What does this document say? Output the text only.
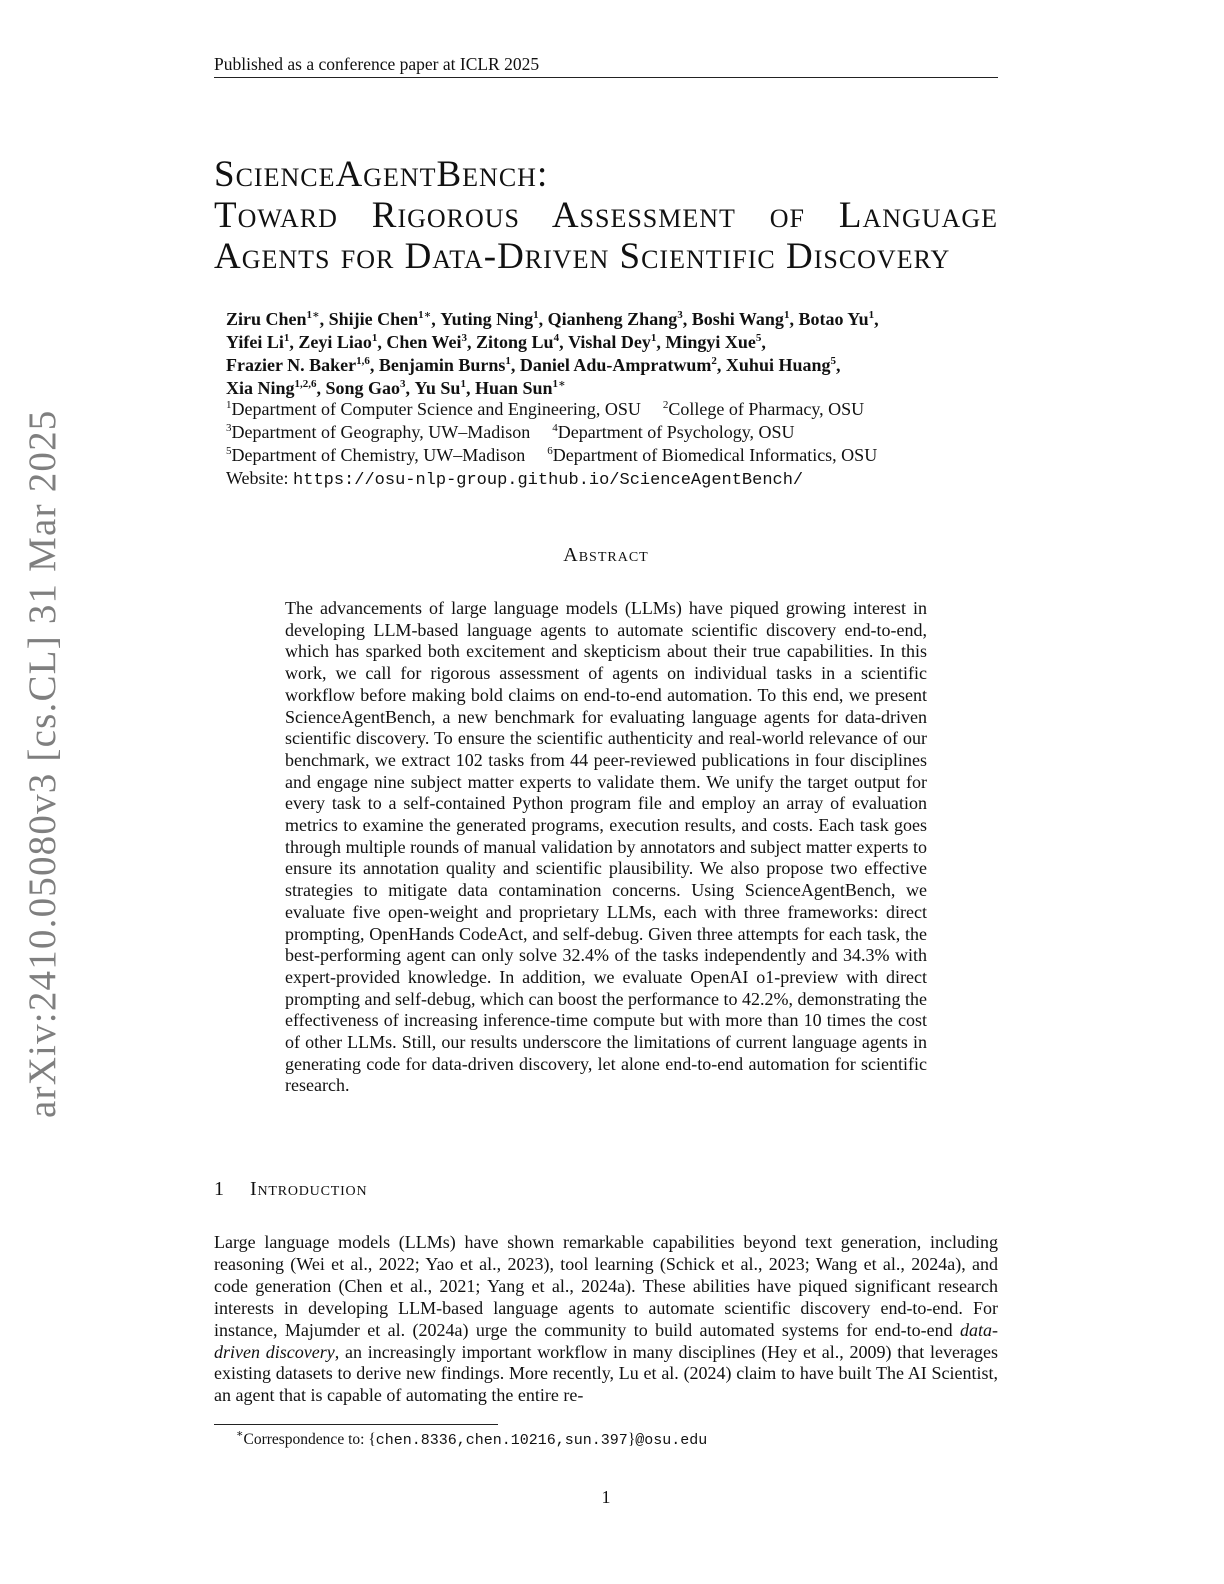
Published as a conference paper at ICLR 2025
arXiv:2410.05080v3 [cs.CL] 31 Mar 2025
ScienceAgentBench:
Toward Rigorous Assessment of Language
Agents for Data-Driven Scientific Discovery
Ziru Chen$^{1∗}$, Shijie Chen$^{1∗}$, Yuting Ning$^1$, Qianheng Zhang$^3$, Boshi Wang$^1$, Botao Yu$^1$,
Yifei Li$^1$, Zeyi Liao$^1$, Chen Wei$^3$, Zitong Lu$^4$, Vishal Dey$^1$, Mingyi Xue$^5$,
Frazier N. Baker$^{1,6}$, Benjamin Burns$^1$, Daniel Adu-Ampratwum$^2$, Xuhui Huang$^5$,
Xia Ning$^{1,2,6}$, Song Gao$^3$, Yu Su$^1$, Huan Sun$^{1∗}$
$^1$Department of Computer Science and Engineering, OSU $^2$College of Pharmacy, OSU
$^3$Department of Geography, UW–Madison $^4$Department of Psychology, OSU
$^5$Department of Chemistry, UW–Madison $^6$Department of Biomedical Informatics, OSU
Website: https://osu-nlp-group.github.io/ScienceAgentBench/
Abstract

The advancements of large language models (LLMs) have piqued growing interest in developing LLM-based language agents to automate scientific discovery end-to-end, which has sparked both excitement and skepticism about their true capabilities. In this work, we call for rigorous assessment of agents on individual tasks in a scientific workflow before making bold claims on end-to-end automation. To this end, we present ScienceAgentBench, a new benchmark for evaluating language agents for data-driven scientific discovery. To ensure the scientific authenticity and real-world relevance of our benchmark, we extract 102 tasks from 44 peer-reviewed publications in four disciplines and engage nine subject matter experts to validate them. We unify the target output for every task to a self-contained Python program file and employ an array of evaluation metrics to examine the generated programs, execution results, and costs. Each task goes through multiple rounds of manual validation by annotators and subject matter experts to ensure its annotation quality and scientific plausibility. We also propose two effective strategies to mitigate data contamination concerns. Using ScienceAgentBench, we evaluate five open-weight and proprietary LLMs, each with three frameworks: direct prompting, OpenHands CodeAct, and self-debug. Given three attempts for each task, the best-performing agent can only solve 32.4% of the tasks independently and 34.3% with expert-provided knowledge. In addition, we evaluate OpenAI o1-preview with direct prompting and self-debug, which can boost the performance to 42.2%, demonstrating the effectiveness of increasing inference-time compute but with more than 10 times the cost of other LLMs. Still, our results underscore the limitations of current language agents in generating code for data-driven discovery, let alone end-to-end automation for scientific research.

1 Introduction

Large language models (LLMs) have shown remarkable capabilities beyond text generation, including reasoning (Wei et al., 2022; Yao et al., 2023), tool learning (Schick et al., 2023; Wang et al., 2024a), and code generation (Chen et al., 2021; Yang et al., 2024a). These abilities have piqued significant research interests in developing LLM-based language agents to automate scientific discovery end-to-end. For instance, Majumder et al. (2024a) urge the community to build automated systems for end-to-end data-driven discovery, an increasingly important workflow in many disciplines (Hey et al., 2009) that leverages existing datasets to derive new findings. More recently, Lu et al. (2024) claim to have built The AI Scientist, an agent that is capable of automating the entire re-

∗Correspondence to: {chen.8336,chen.10216,sun.397}@osu.edu
1
